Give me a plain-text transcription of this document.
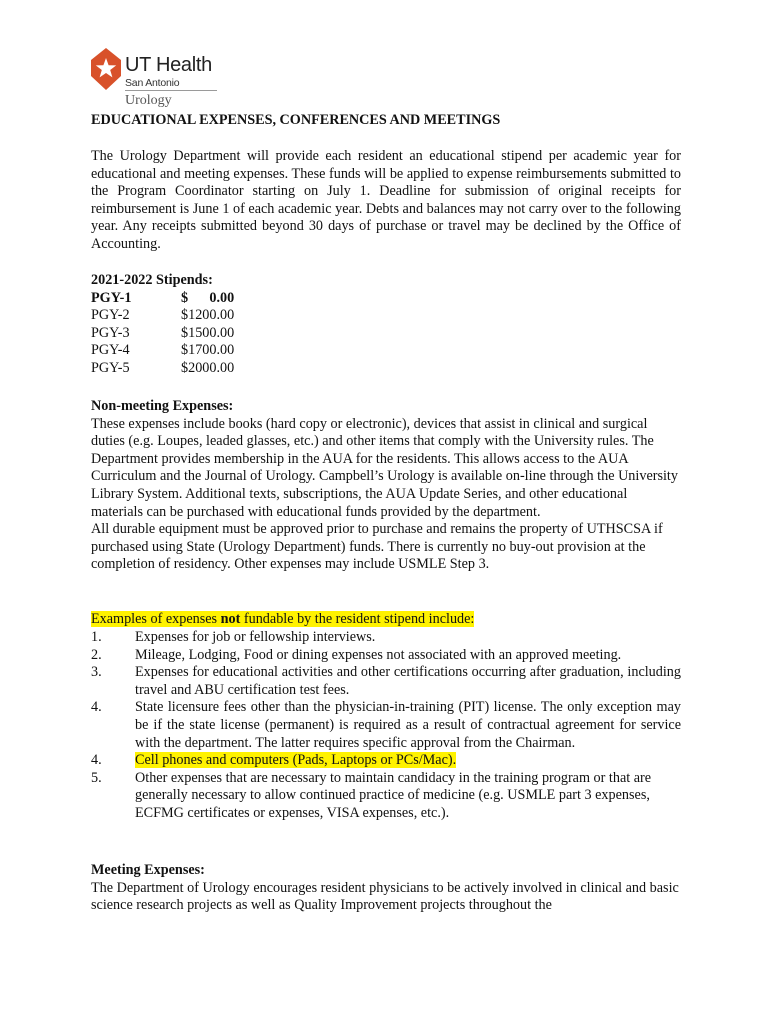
UT Health
San Antonio
Urology
EDUCATIONAL EXPENSES, CONFERENCES AND MEETINGS
The Urology Department will provide each resident an educational stipend per academic year for educational and meeting expenses. These funds will be applied to expense reimbursements submitted to the Program Coordinator starting on July 1. Deadline for submission of original receipts for reimbursement is June 1 of each academic year. Debts and balances may not carry over to the following year. Any receipts submitted beyond 30 days of purchase or travel may be declined by the Office of Accounting.
2021-2022 Stipends:
PGY-1	$      0.00
PGY-2	$1200.00
PGY-3	$1500.00
PGY-4	$1700.00
PGY-5	$2000.00
Non-meeting Expenses:
These expenses include books (hard copy or electronic), devices that assist in clinical and surgical duties (e.g. Loupes, leaded glasses, etc.) and other items that comply with the University rules. The Department provides membership in the AUA for the residents. This allows access to the AUA Curriculum and the Journal of Urology. Campbell’s Urology is available on-line through the University Library System. Additional texts, subscriptions, the AUA Update Series, and other educational materials can be purchased with educational funds provided by the department.
All durable equipment must be approved prior to purchase and remains the property of UTHSCSA if purchased using State (Urology Department) funds. There is currently no buy-out provision at the completion of residency. Other expenses may include USMLE Step 3.
Examples of expenses not fundable by the resident stipend include:
1. Expenses for job or fellowship interviews.
2. Mileage, Lodging, Food or dining expenses not associated with an approved meeting.
3. Expenses for educational activities and other certifications occurring after graduation, including travel and ABU certification test fees.
4. State licensure fees other than the physician-in-training (PIT) license. The only exception may be if the state license (permanent) is required as a result of contractual agreement for service with the department. The latter requires specific approval from the Chairman.
4. Cell phones and computers (Pads, Laptops or PCs/Mac).
5. Other expenses that are necessary to maintain candidacy in the training program or that are generally necessary to allow continued practice of medicine (e.g. USMLE part 3 expenses, ECFMG certificates or expenses, VISA expenses, etc.).
Meeting Expenses:
The Department of Urology encourages resident physicians to be actively involved in clinical and basic science research projects as well as Quality Improvement projects throughout the
